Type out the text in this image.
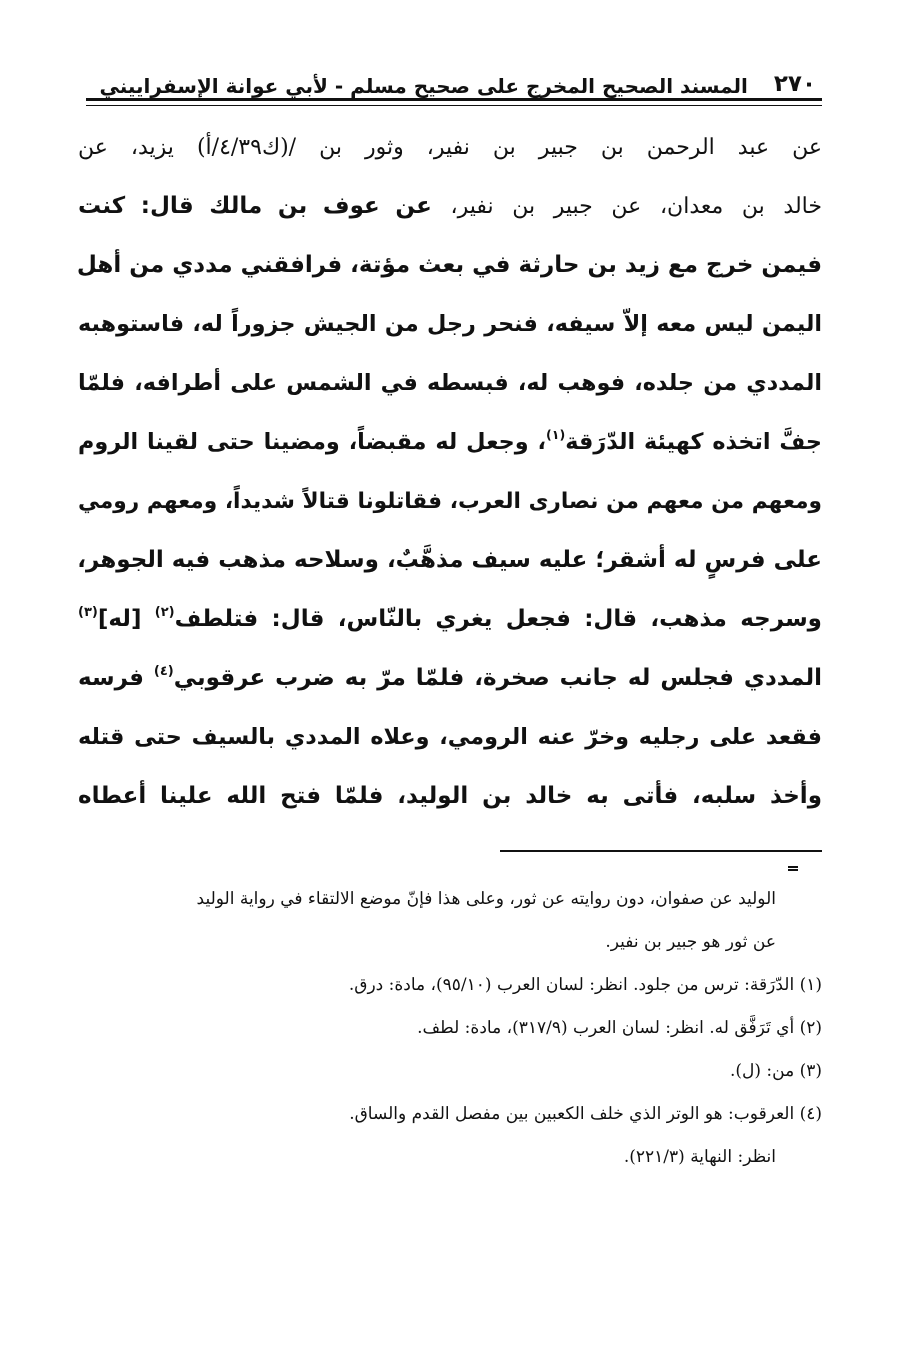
٢٧٠
المسند الصحيح المخرج على صحيح مسلم - لأبي عوانة الإسفراييني
عن عبد الرحمن بن جبير بن نفير، وثور بن /(ك٤/٣٩/أ) يزيد، عن
خالد بن معدان، عن جبير بن نفير، عن عوف بن مالك قال: كنت
فيمن خرج مع زيد بن حارثة في بعث مؤتة، فرافقني مددي من أهل
اليمن ليس معه إلاّ سيفه، فنحر رجل من الجيش جزوراً له، فاستوهبه
المددي من جلده، فوهب له، فبسطه في الشمس على أطرافه، فلمّا
جفَّ اتخذه كهيئة الدّرَقة$^{(١)}$، وجعل له مقبضاً، ومضينا حتى لقينا الروم
ومعهم من معهم من نصارى العرب، فقاتلونا قتالاً شديداً، ومعهم رومي
على فرسٍ له أشقر؛ عليه سيف مذهَّبٌ، وسلاحه مذهب فيه الجوهر،
وسرجه مذهب، قال: فجعل يغري بالنّاس، قال: فتلطف$^{(٢)}$ [له]$^{(٣)}$
المددي فجلس له جانب صخرة، فلمّا مرّ به ضرب عرقوبي$^{(٤)}$ فرسه
فقعد على رجليه وخرّ عنه الرومي، وعلاه المددي بالسيف حتى قتله
وأخذ سلبه، فأتى به خالد بن الوليد، فلمّا فتح الله علينا أعطاه
الوليد عن صفوان، دون روايته عن ثور، وعلى هذا فإنّ موضع الالتقاء في رواية الوليد
عن ثور هو جبير بن نفير.
(١) الدّرَقة: ترس من جلود. انظر: لسان العرب (٩٥/١٠)، مادة: درق.
(٢) أي تَرَفَّق له. انظر: لسان العرب (٣١٧/٩)، مادة: لطف.
(٣) من: (ل).
(٤) العرقوب: هو الوتر الذي خلف الكعبين بين مفصل القدم والساق.
انظر: النهاية (٢٢١/٣).
